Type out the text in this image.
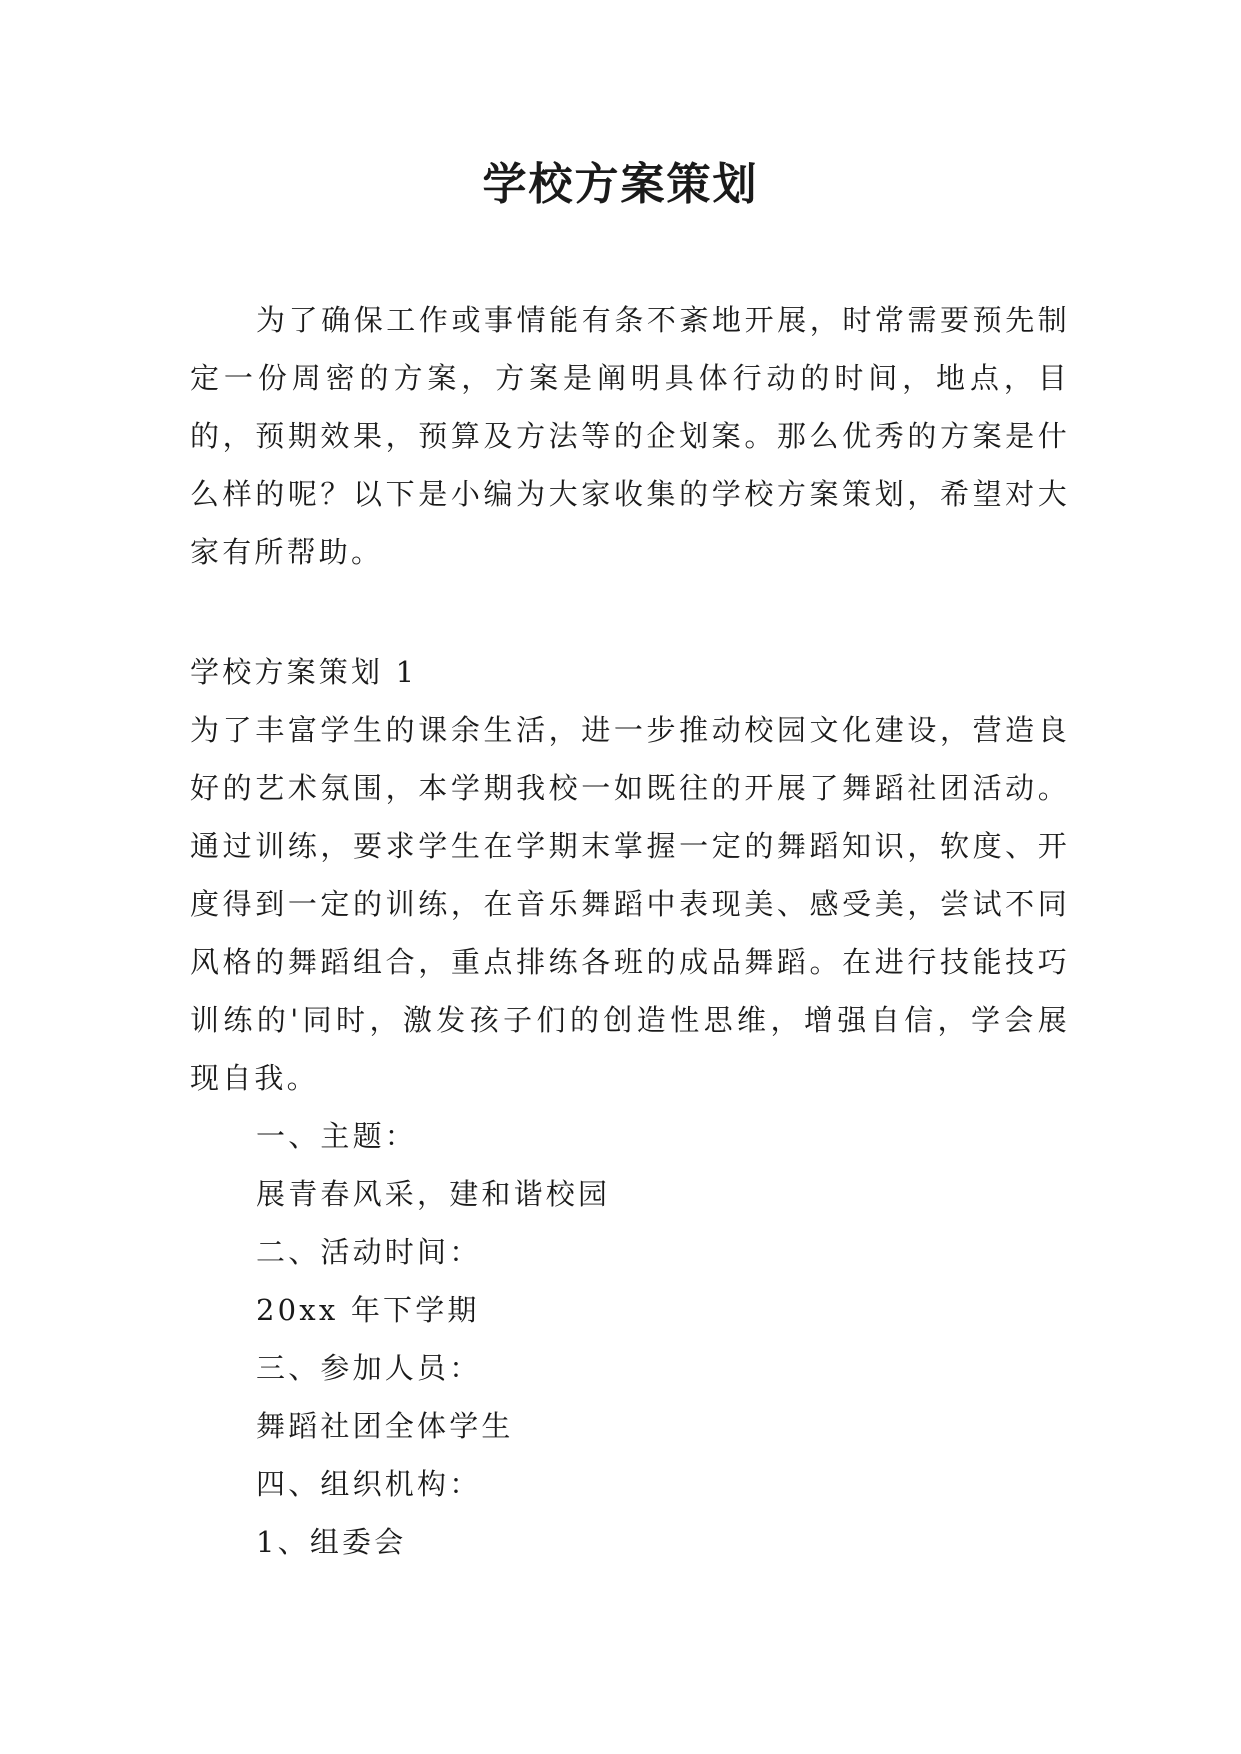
学校方案策划

为了确保工作或事情能有条不紊地开展，时常需要预先制定一份周密的方案，方案是阐明具体行动的时间，地点，目的，预期效果，预算及方法等的企划案。那么优秀的方案是什么样的呢？以下是小编为大家收集的学校方案策划，希望对大家有所帮助。

学校方案策划 1

为了丰富学生的课余生活，进一步推动校园文化建设，营造良好的艺术氛围，本学期我校一如既往的开展了舞蹈社团活动。通过训练，要求学生在学期末掌握一定的舞蹈知识，软度、开度得到一定的训练，在音乐舞蹈中表现美、感受美，尝试不同风格的舞蹈组合，重点排练各班的成品舞蹈。在进行技能技巧训练的'同时，激发孩子们的创造性思维，增强自信，学会展现自我。

一、主题：
展青春风采，建和谐校园
二、活动时间：
20xx 年下学期
三、参加人员：
舞蹈社团全体学生
四、组织机构：
1、组委会
